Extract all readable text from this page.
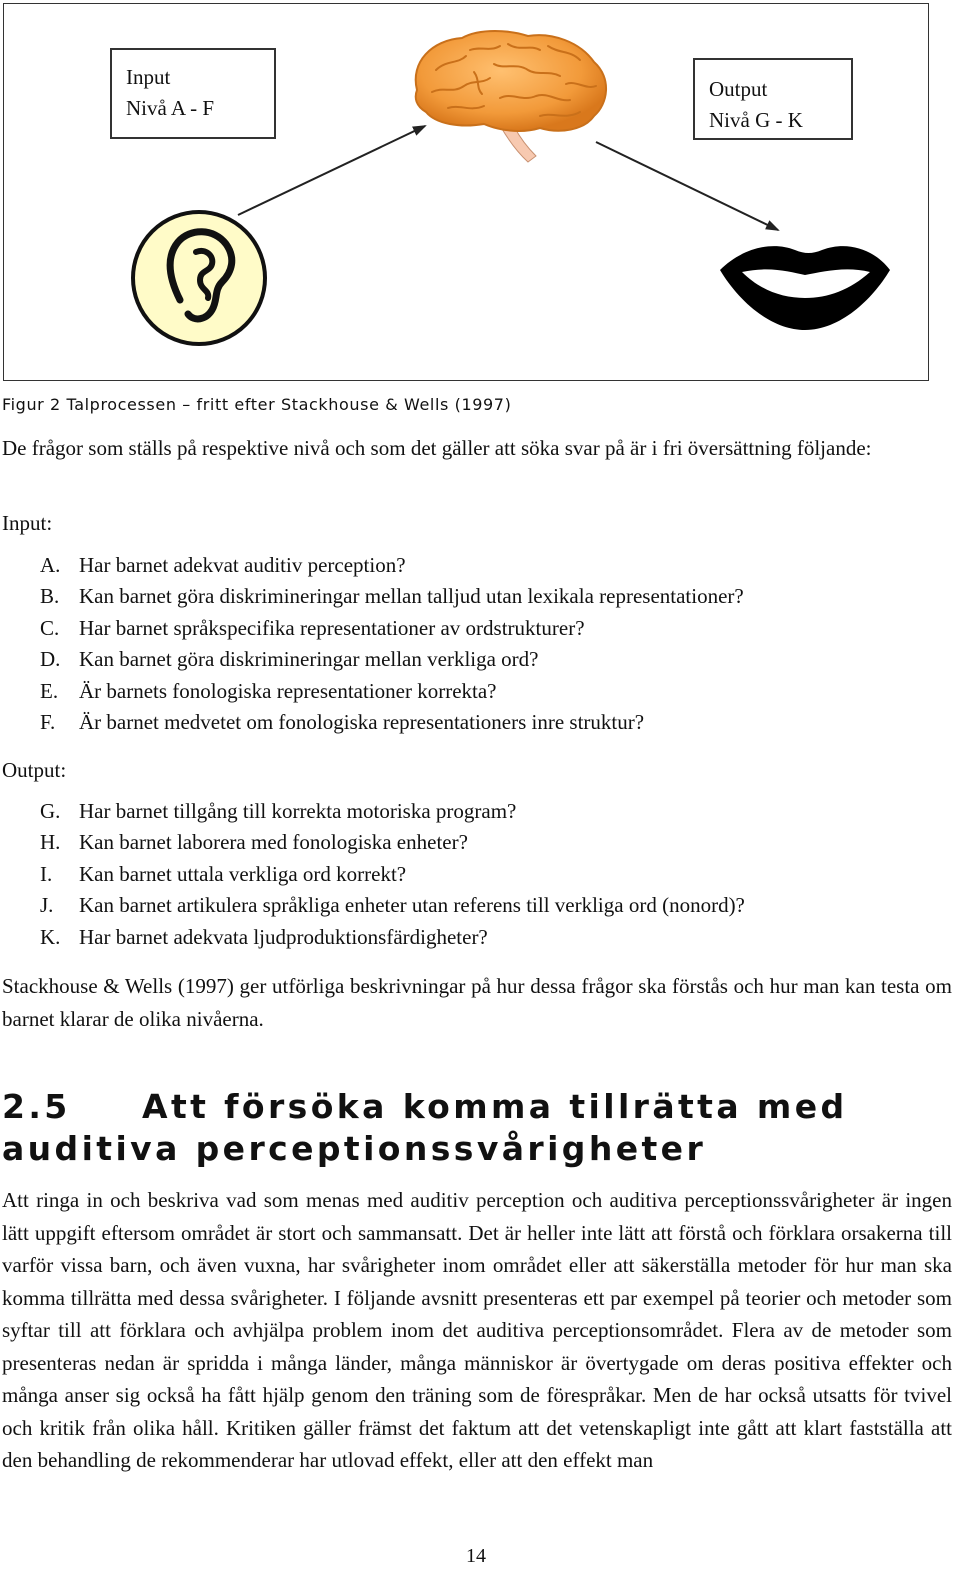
Input
Nivå A - F
Output
Nivå G - K
Figur 2 Talprocessen – fritt efter Stackhouse & Wells (1997)

De frågor som ställs på respektive nivå och som det gäller att söka svar på är i fri översättning följande:

Input:
A. Har barnet adekvat auditiv perception?
B. Kan barnet göra diskrimineringar mellan talljud utan lexikala representationer?
C. Har barnet språkspecifika representationer av ordstrukturer?
D. Kan barnet göra diskrimineringar mellan verkliga ord?
E. Är barnets fonologiska representationer korrekta?
F. Är barnet medvetet om fonologiska representationers inre struktur?
Output:
G. Har barnet tillgång till korrekta motoriska program?
H. Kan barnet laborera med fonologiska enheter?
I. Kan barnet uttala verkliga ord korrekt?
J. Kan barnet artikulera språkliga enheter utan referens till verkliga ord (nonord)?
K. Har barnet adekvata ljudproduktionsfärdigheter?

Stackhouse & Wells (1997) ger utförliga beskrivningar på hur dessa frågor ska förstås och hur man kan testa om barnet klarar de olika nivåerna.

2.5 Att försöka komma tillrätta med auditiva perceptionssvårigheter

Att ringa in och beskriva vad som menas med auditiv perception och auditiva perceptionssvårigheter är ingen lätt uppgift eftersom området är stort och sammansatt. Det är heller inte lätt att förstå och förklara orsakerna till varför vissa barn, och även vuxna, har svårigheter inom området eller att säkerställa metoder för hur man ska komma tillrätta med dessa svårigheter. I följande avsnitt presenteras ett par exempel på teorier och metoder som syftar till att förklara och avhjälpa problem inom det auditiva perceptionsområdet. Flera av de metoder som presenteras nedan är spridda i många länder, många människor är övertygade om deras positiva effekter och många anser sig också ha fått hjälp genom den träning som de förespråkar. Men de har också utsatts för tvivel och kritik från olika håll. Kritiken gäller främst det faktum att det vetenskapligt inte gått att klart fastställa att den behandling de rekommenderar har utlovad effekt, eller att den effekt man

14
